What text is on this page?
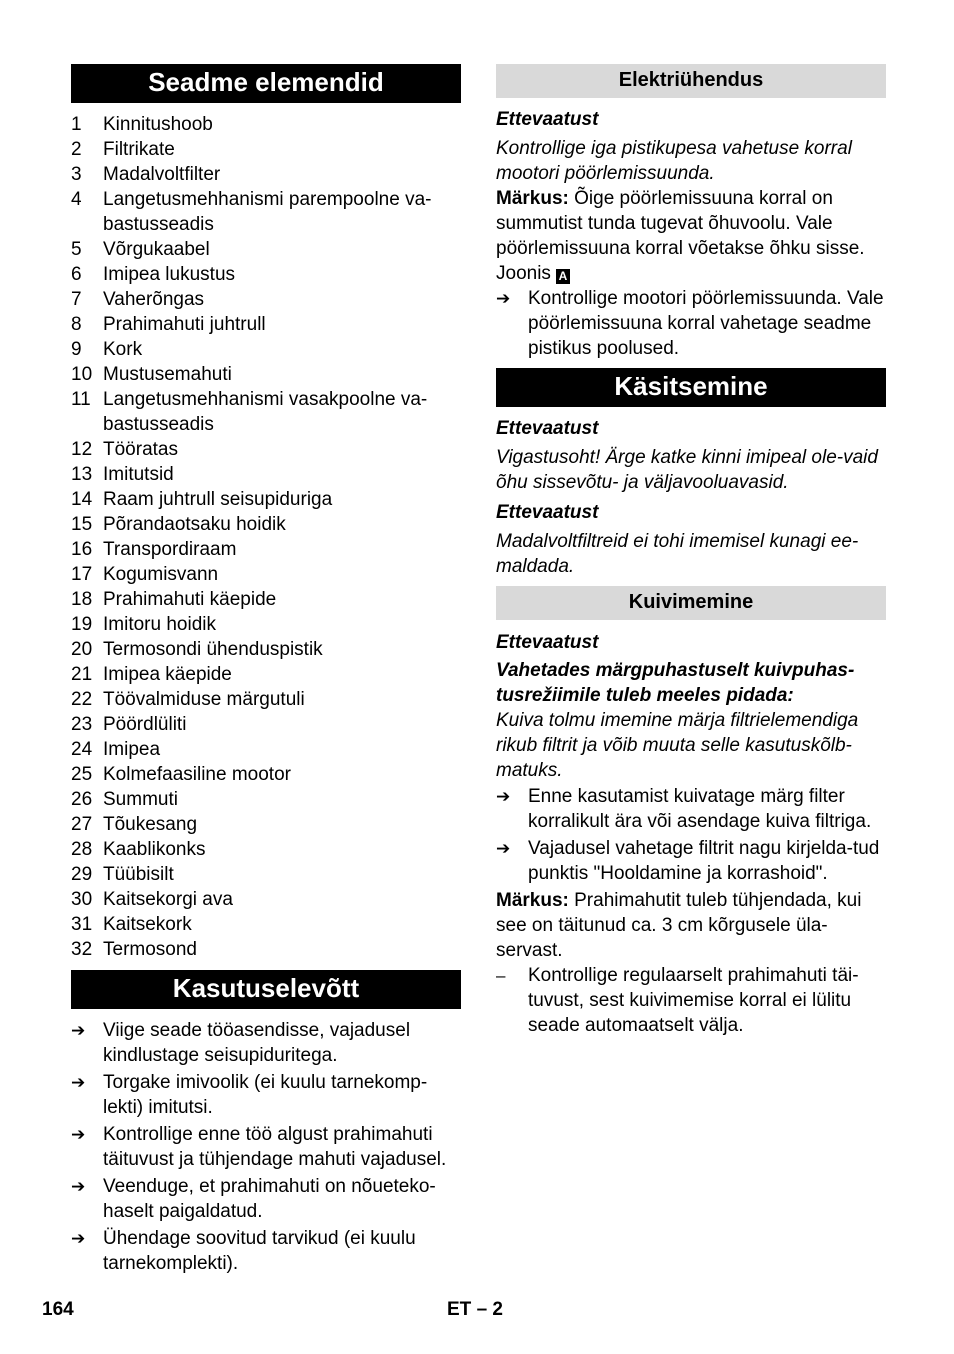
Seadme elemendid
1	Kinnitushoob
2	Filtrikate
3	Madalvoltfilter
4	Langetusmehhanismi parempoolne va-bastusseadis
5	Võrgukaabel
6	Imipea lukustus
7	Vaherõngas
8	Prahimahuti juhtrull
9	Kork
10 Mustusemahuti
11 Langetusmehhanismi vasakpoolne va-bastusseadis
12 Tööratas
13 Imitutsid
14 Raam juhtrull seisupiduriga
15 Põrandaotsaku hoidik
16 Transpordiraam
17 Kogumisvann
18 Prahimahuti käepide
19 Imitoru hoidik
20 Termosondi ühenduspistik
21 Imipea käepide
22 Töövalmiduse märgutuli
23 Pöördlüliti
24 Imipea
25 Kolmefaasiline mootor
26 Summuti
27 Tõukesang
28 Kaablikonks
29 Tüübisilt
30 Kaitsekorgi ava
31 Kaitsekork
32 Termosond
Kasutuselevõtt
➔ Viige seade tööasendisse, vajadusel kindlustage seisupiduritega.
➔ Torgake imivoolik (ei kuulu tarnekomp-lekti) imitutsi.
➔ Kontrollige enne töö algust prahimahuti täituvust ja tühjendage mahuti vajadusel.
➔ Veenduge, et prahimahuti on nõueteko-haselt paigaldatud.
➔ Ühendage soovitud tarvikud (ei kuulu tarnekomplekti).
Elektriühendus

Ettevaatust

Kontrollige iga pistikupesa vahetuse korral mootori pöörlemissuunda.

Märkus: Õige pöörlemissuuna korral on summutist tunda tugevat õhuvoolu. Vale pöörlemissuuna korral võetakse õhku sisse. Joonis A

➔ Kontrollige mootori pöörlemissuunda. Vale pöörlemissuuna korral vahetage seadme pistikus poolused.
Käsitsemine

Ettevaatust

Vigastusoht! Ärge katke kinni imipeal ole-vaid õhu sissevõtu- ja väljavooluavasid.

Ettevaatust

Madalvoltfiltreid ei tohi imemisel kunagi ee-maldada.

Kuivimemine

Ettevaatust

Vahetades märgpuhastuselt kuivpuhas-tusrežiimile tuleb meeles pidada:

Kuiva tolmu imemine märja filtrielemendiga rikub filtrit ja võib muuta selle kasutuskõlb-matuks.

➔ Enne kasutamist kuivatage märg filter korralikult ära või asendage kuiva filtriga.
➔ Vajadusel vahetage filtrit nagu kirjelda-tud punktis "Hooldamine ja korrashoid".

Märkus: Prahimahutit tuleb tühjendada, kui see on täitunud ca. 3 cm kõrgusele üla-servast.

–	Kontrollige regulaarselt prahimahuti täi-tuvust, sest kuivimemise korral ei lülitu seade automaatselt välja.
164	ET – 2
